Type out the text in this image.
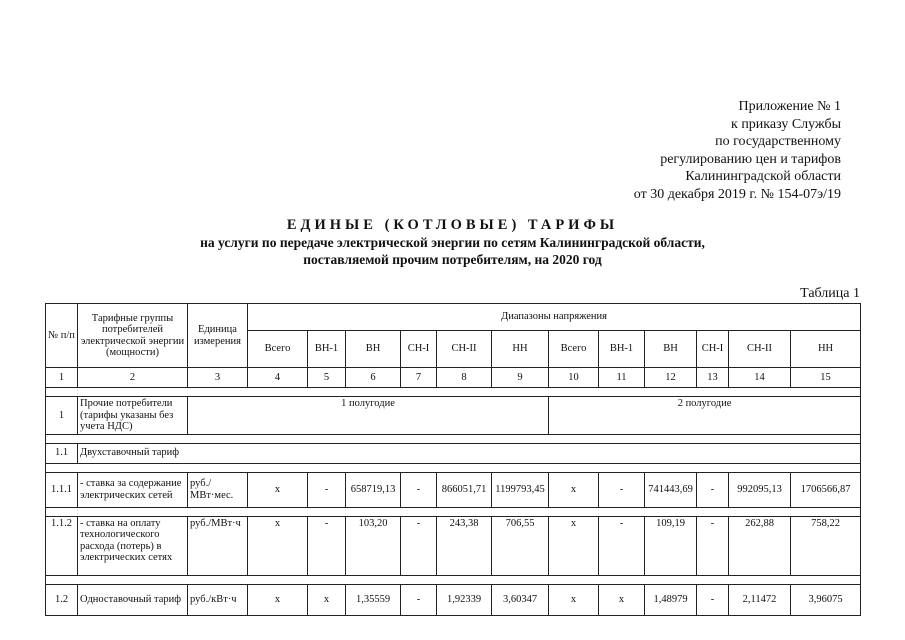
Приложение № 1
к приказу Службы
по государственному
регулированию цен и тарифов
Калининградской области
от 30 декабря 2019 г. № 154-07э/19
ЕДИНЫЕ (КОТЛОВЫЕ) ТАРИФЫ
на услуги по передаче электрической энергии по сетям Калининградской области,
поставляемой прочим потребителям, на 2020 год
Таблица 1
№ п/п	Тарифные группы потребителей электрической энергии (мощности)	Единица измерения	Диапазоны напряжения											
			Всего	ВН-1	ВН	СН-I	СН-II	НН	Всего	ВН-1	ВН	СН-I	СН-II	НН
1	2	3	4	5	6	7	8	9	10	11	12	13	14	15

1	Прочие потребители (тарифы указаны без учета НДС)	1 полугодие							2 полугодие					

1.1	Двухставочный тариф													

1.1.1	- ставка за содержание электрических сетей	руб./ МВт·мес.	х	-	658719,13	-	866051,71	1199793,45	х	-	741443,69	-	992095,13	1706566,87

1.1.2	- ставка на оплату технологического расхода (потерь) в электрических сетях	руб./МВт·ч	х	-	103,20	-	243,38	706,55	х	-	109,19	-	262,88	758,22

1.2	Одноставочный тариф	руб./кВт·ч	х	х	1,35559	-	1,92339	3,60347	х	х	1,48979	-	2,11472	3,96075
